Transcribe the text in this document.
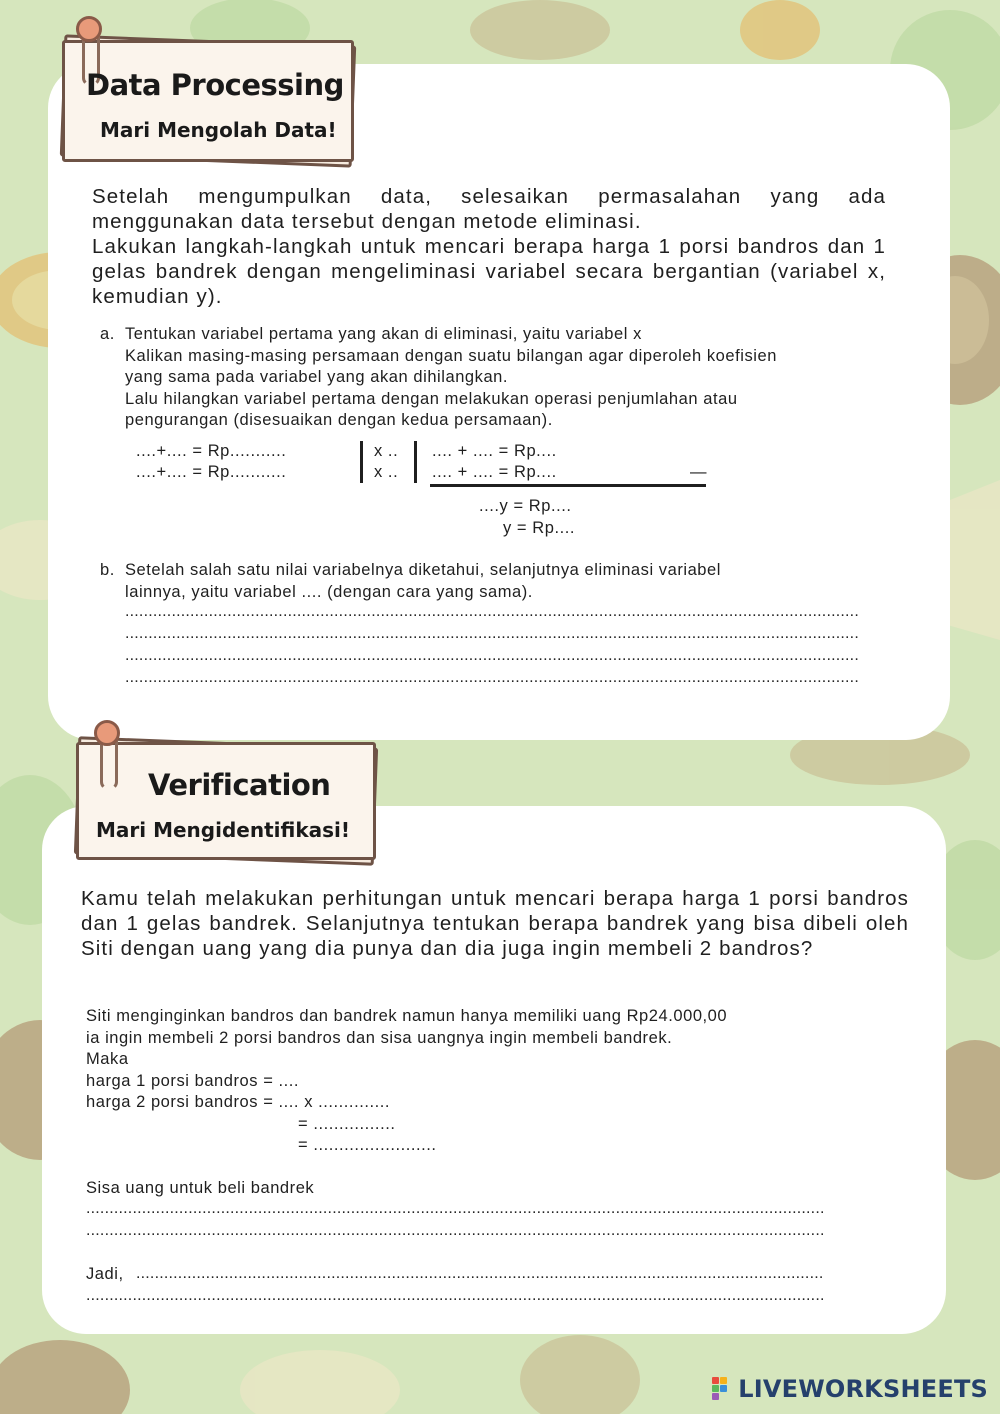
Data Processing
Mari Mengolah Data!

Setelah mengumpulkan data, selesaikan permasalahan yang ada menggunakan data tersebut dengan metode eliminasi.

Lakukan langkah-langkah untuk mencari berapa harga 1 porsi bandros dan 1 gelas bandrek dengan mengeliminasi variabel secara bergantian (variabel x, kemudian y).

a. Tentukan variabel pertama yang akan di eliminasi, yaitu variabel x
Kalikan masing-masing persamaan dengan suatu bilangan agar diperoleh koefisien
yang sama pada variabel yang akan dihilangkan.
Lalu hilangkan variabel pertama dengan melakukan operasi penjumlahan atau
pengurangan (disesuaikan dengan kedua persamaan).
....+.... = Rp...........
....+.... = Rp...........
x ..
x ..
.... + .... = Rp....
.... + .... = Rp....	—
....y = Rp....
y = Rp....
b. Setelah salah satu nilai variabelnya diketahui, selanjutnya eliminasi variabel
lainnya, yaitu variabel .... (dengan cara yang sama).
..............................................................................................................................................................
..............................................................................................................................................................
..............................................................................................................................................................
..............................................................................................................................................................
Verification
Mari Mengidentifikasi!

Kamu telah melakukan perhitungan untuk mencari berapa harga 1 porsi bandros dan 1 gelas bandrek. Selanjutnya tentukan berapa bandrek yang bisa dibeli oleh Siti dengan uang yang dia punya dan dia juga ingin membeli 2 bandros?

Siti menginginkan bandros dan bandrek namun hanya memiliki uang Rp24.000,00
ia ingin membeli 2 porsi bandros dan sisa uangnya ingin membeli bandrek.
Maka
harga 1 porsi bandros = ....
harga 2 porsi bandros = .... x ..............
= ................
= ........................
Sisa uang untuk beli bandrek
...............................................................................................................................................................
...............................................................................................................................................................
Jadi, ....................................................................................................................................................
...............................................................................................................................................................
LIVEWORKSHEETS
